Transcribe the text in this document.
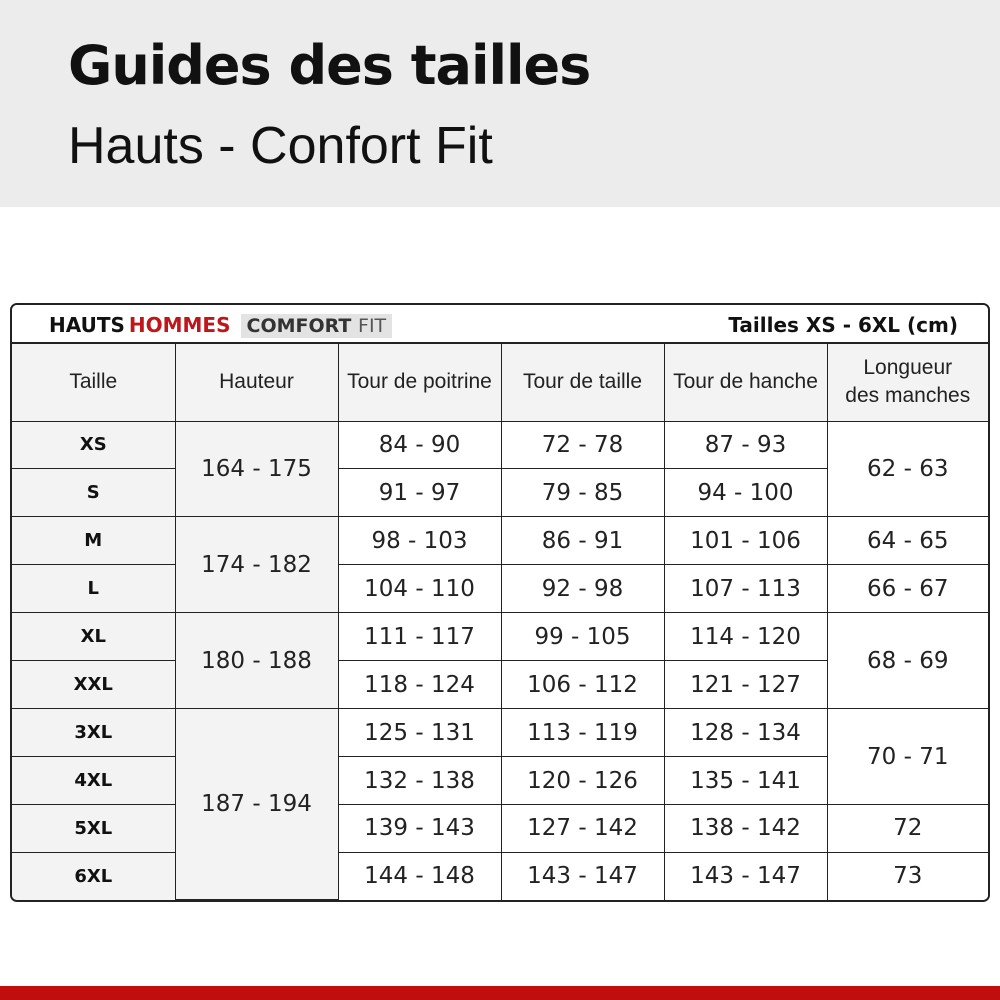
Guides des tailles
Hauts - Confort Fit
HAUTS HOMMES COMFORT FIT	Tailles XS - 6XL (cm)
Taille	Hauteur	Tour de poitrine	Tour de taille	Tour de hanche	Longueur
des manches
XS	164 - 175	84 - 90	72 - 78	87 - 93	62 - 63
S		91 - 97	79 - 85	94 - 100	
M	174 - 182	98 - 103	86 - 91	101 - 106	64 - 65
L		104 - 110	92 - 98	107 - 113	66 - 67
XL	180 - 188	111 - 117	99 - 105	114 - 120	68 - 69
XXL		118 - 124	106 - 112	121 - 127	
3XL	187 - 194	125 - 131	113 - 119	128 - 134	70 - 71
4XL		132 - 138	120 - 126	135 - 141	
5XL		139 - 143	127 - 142	138 - 142	72
6XL		144 - 148	143 - 147	143 - 147	73
